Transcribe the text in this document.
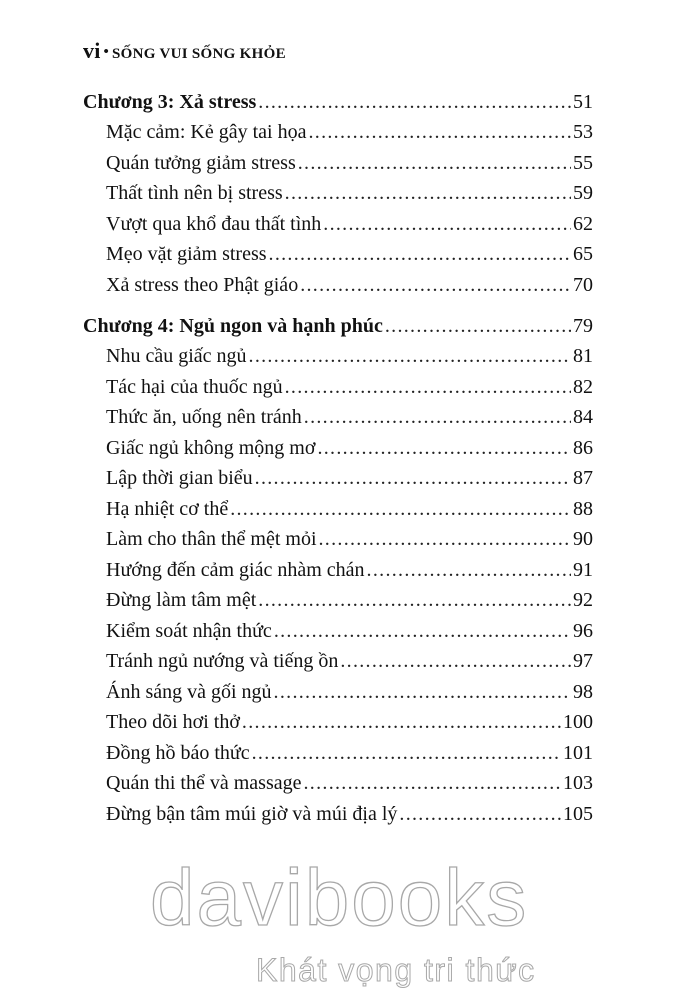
vi • SỐNG VUI SỐNG KHỎE
Chương 3: Xả stress .....	51
Mặc cảm: Kẻ gây tai họa .....	53
Quán tưởng giảm stress .....	55
Thất tình nên bị stress .....	59
Vượt qua khổ đau thất tình .....	62
Mẹo vặt giảm stress .....	65
Xả stress theo Phật giáo .....	70
Chương 4: Ngủ ngon và hạnh phúc .....	79
Nhu cầu giấc ngủ .....	81
Tác hại của thuốc ngủ .....	82
Thức ăn, uống nên tránh .....	84
Giấc ngủ không mộng mơ .....	86
Lập thời gian biểu .....	87
Hạ nhiệt cơ thể .....	88
Làm cho thân thể mệt mỏi .....	90
Hướng đến cảm giác nhàm chán .....	91
Đừng làm tâm mệt .....	92
Kiểm soát nhận thức .....	96
Tránh ngủ nướng và tiếng ồn .....	97
Ánh sáng và gối ngủ .....	98
Theo dõi hơi thở .....	100
Đồng hồ báo thức .....	101
Quán thi thể và massage .....	103
Đừng bận tâm múi giờ và múi địa lý .....	105
davibooks
Khát vọng tri thức
